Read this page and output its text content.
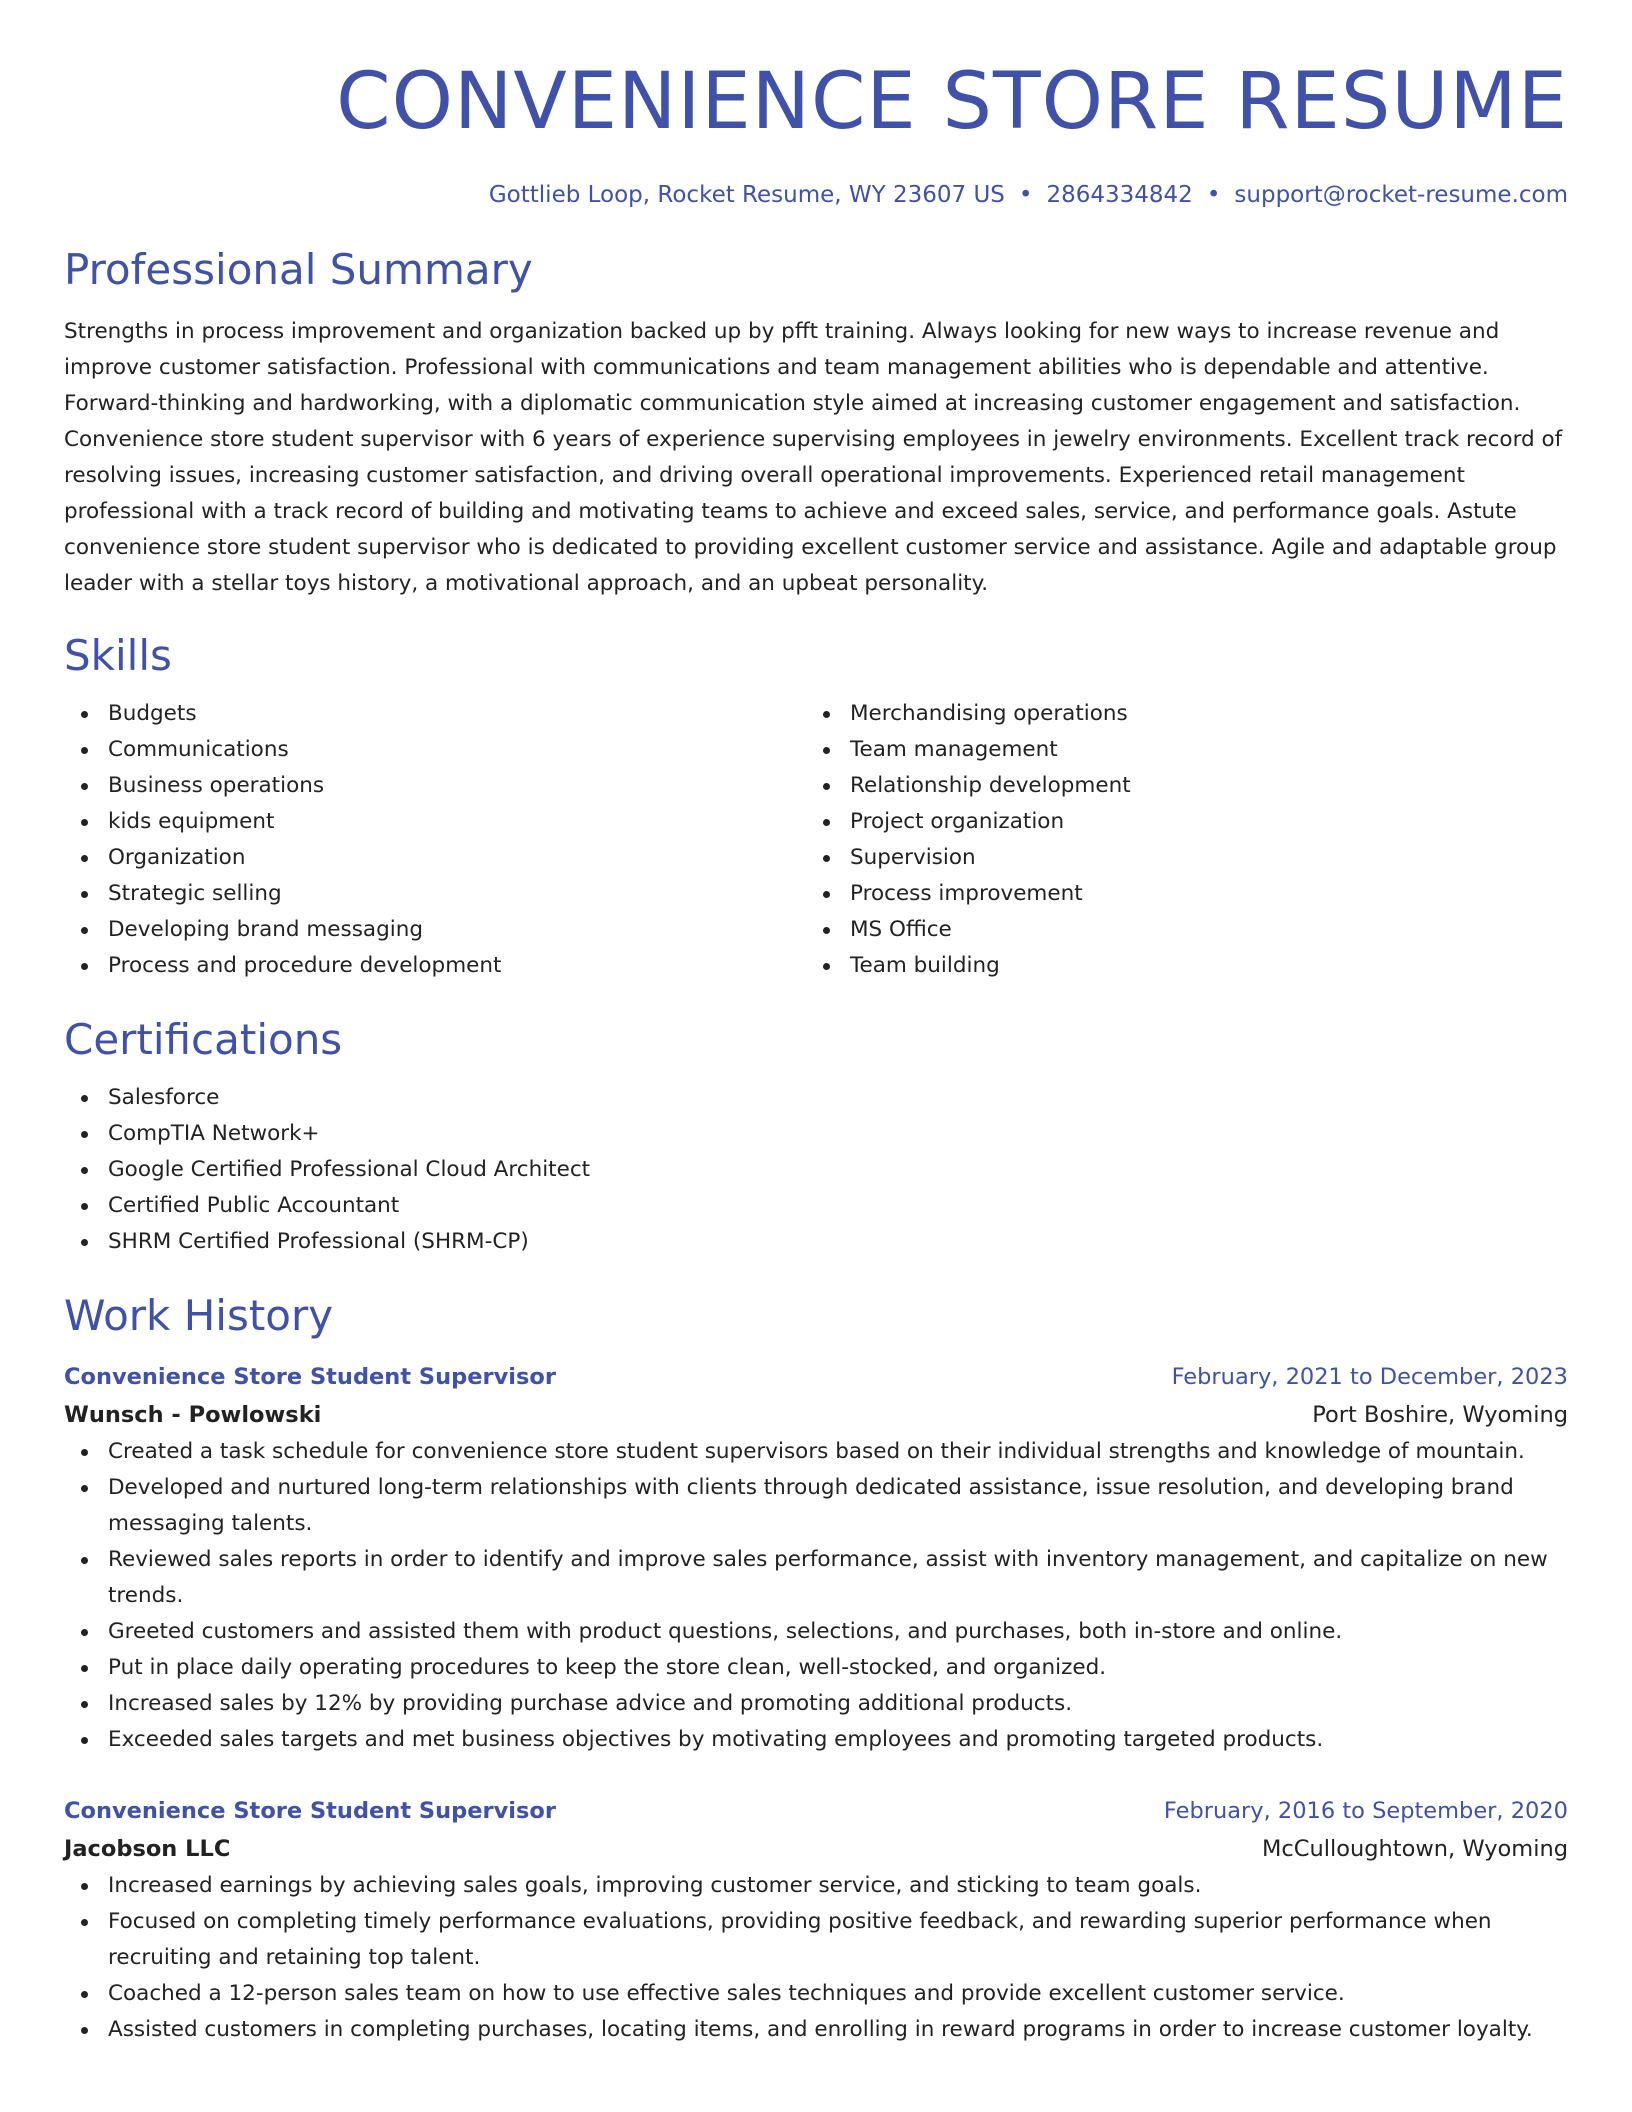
CONVENIENCE STORE RESUME
Gottlieb Loop, Rocket Resume, WY 23607 US • 2864334842 • support@rocket-resume.com
Professional Summary

Strengths in process improvement and organization backed up by pfft training. Always looking for new ways to increase revenue and improve customer satisfaction. Professional with communications and team management abilities who is dependable and attentive. Forward-thinking and hardworking, with a diplomatic communication style aimed at increasing customer engagement and satisfaction. Convenience store student supervisor with 6 years of experience supervising employees in jewelry environments. Excellent track record of resolving issues, increasing customer satisfaction, and driving overall operational improvements. Experienced retail management professional with a track record of building and motivating teams to achieve and exceed sales, service, and performance goals. Astute convenience store student supervisor who is dedicated to providing excellent customer service and assistance. Agile and adaptable group leader with a stellar toys history, a motivational approach, and an upbeat personality.

Skills
Budgets
Communications
Business operations
kids equipment
Organization
Strategic selling
Developing brand messaging
Process and procedure development
Merchandising operations
Team management
Relationship development
Project organization
Supervision
Process improvement
MS Office
Team building
Certifications
Salesforce
CompTIA Network+
Google Certified Professional Cloud Architect
Certified Public Accountant
SHRM Certified Professional (SHRM-CP)
Work History
Convenience Store Student Supervisor	February, 2021 to December, 2023
Wunsch - Powlowski	Port Boshire, Wyoming
Created a task schedule for convenience store student supervisors based on their individual strengths and knowledge of mountain.
Developed and nurtured long-term relationships with clients through dedicated assistance, issue resolution, and developing brand messaging talents.
Reviewed sales reports in order to identify and improve sales performance, assist with inventory management, and capitalize on new trends.
Greeted customers and assisted them with product questions, selections, and purchases, both in-store and online.
Put in place daily operating procedures to keep the store clean, well-stocked, and organized.
Increased sales by 12% by providing purchase advice and promoting additional products.
Exceeded sales targets and met business objectives by motivating employees and promoting targeted products.
Convenience Store Student Supervisor	February, 2016 to September, 2020
Jacobson LLC	McCulloughtown, Wyoming
Increased earnings by achieving sales goals, improving customer service, and sticking to team goals.
Focused on completing timely performance evaluations, providing positive feedback, and rewarding superior performance when recruiting and retaining top talent.
Coached a 12-person sales team on how to use effective sales techniques and provide excellent customer service.
Assisted customers in completing purchases, locating items, and enrolling in reward programs in order to increase customer loyalty.
